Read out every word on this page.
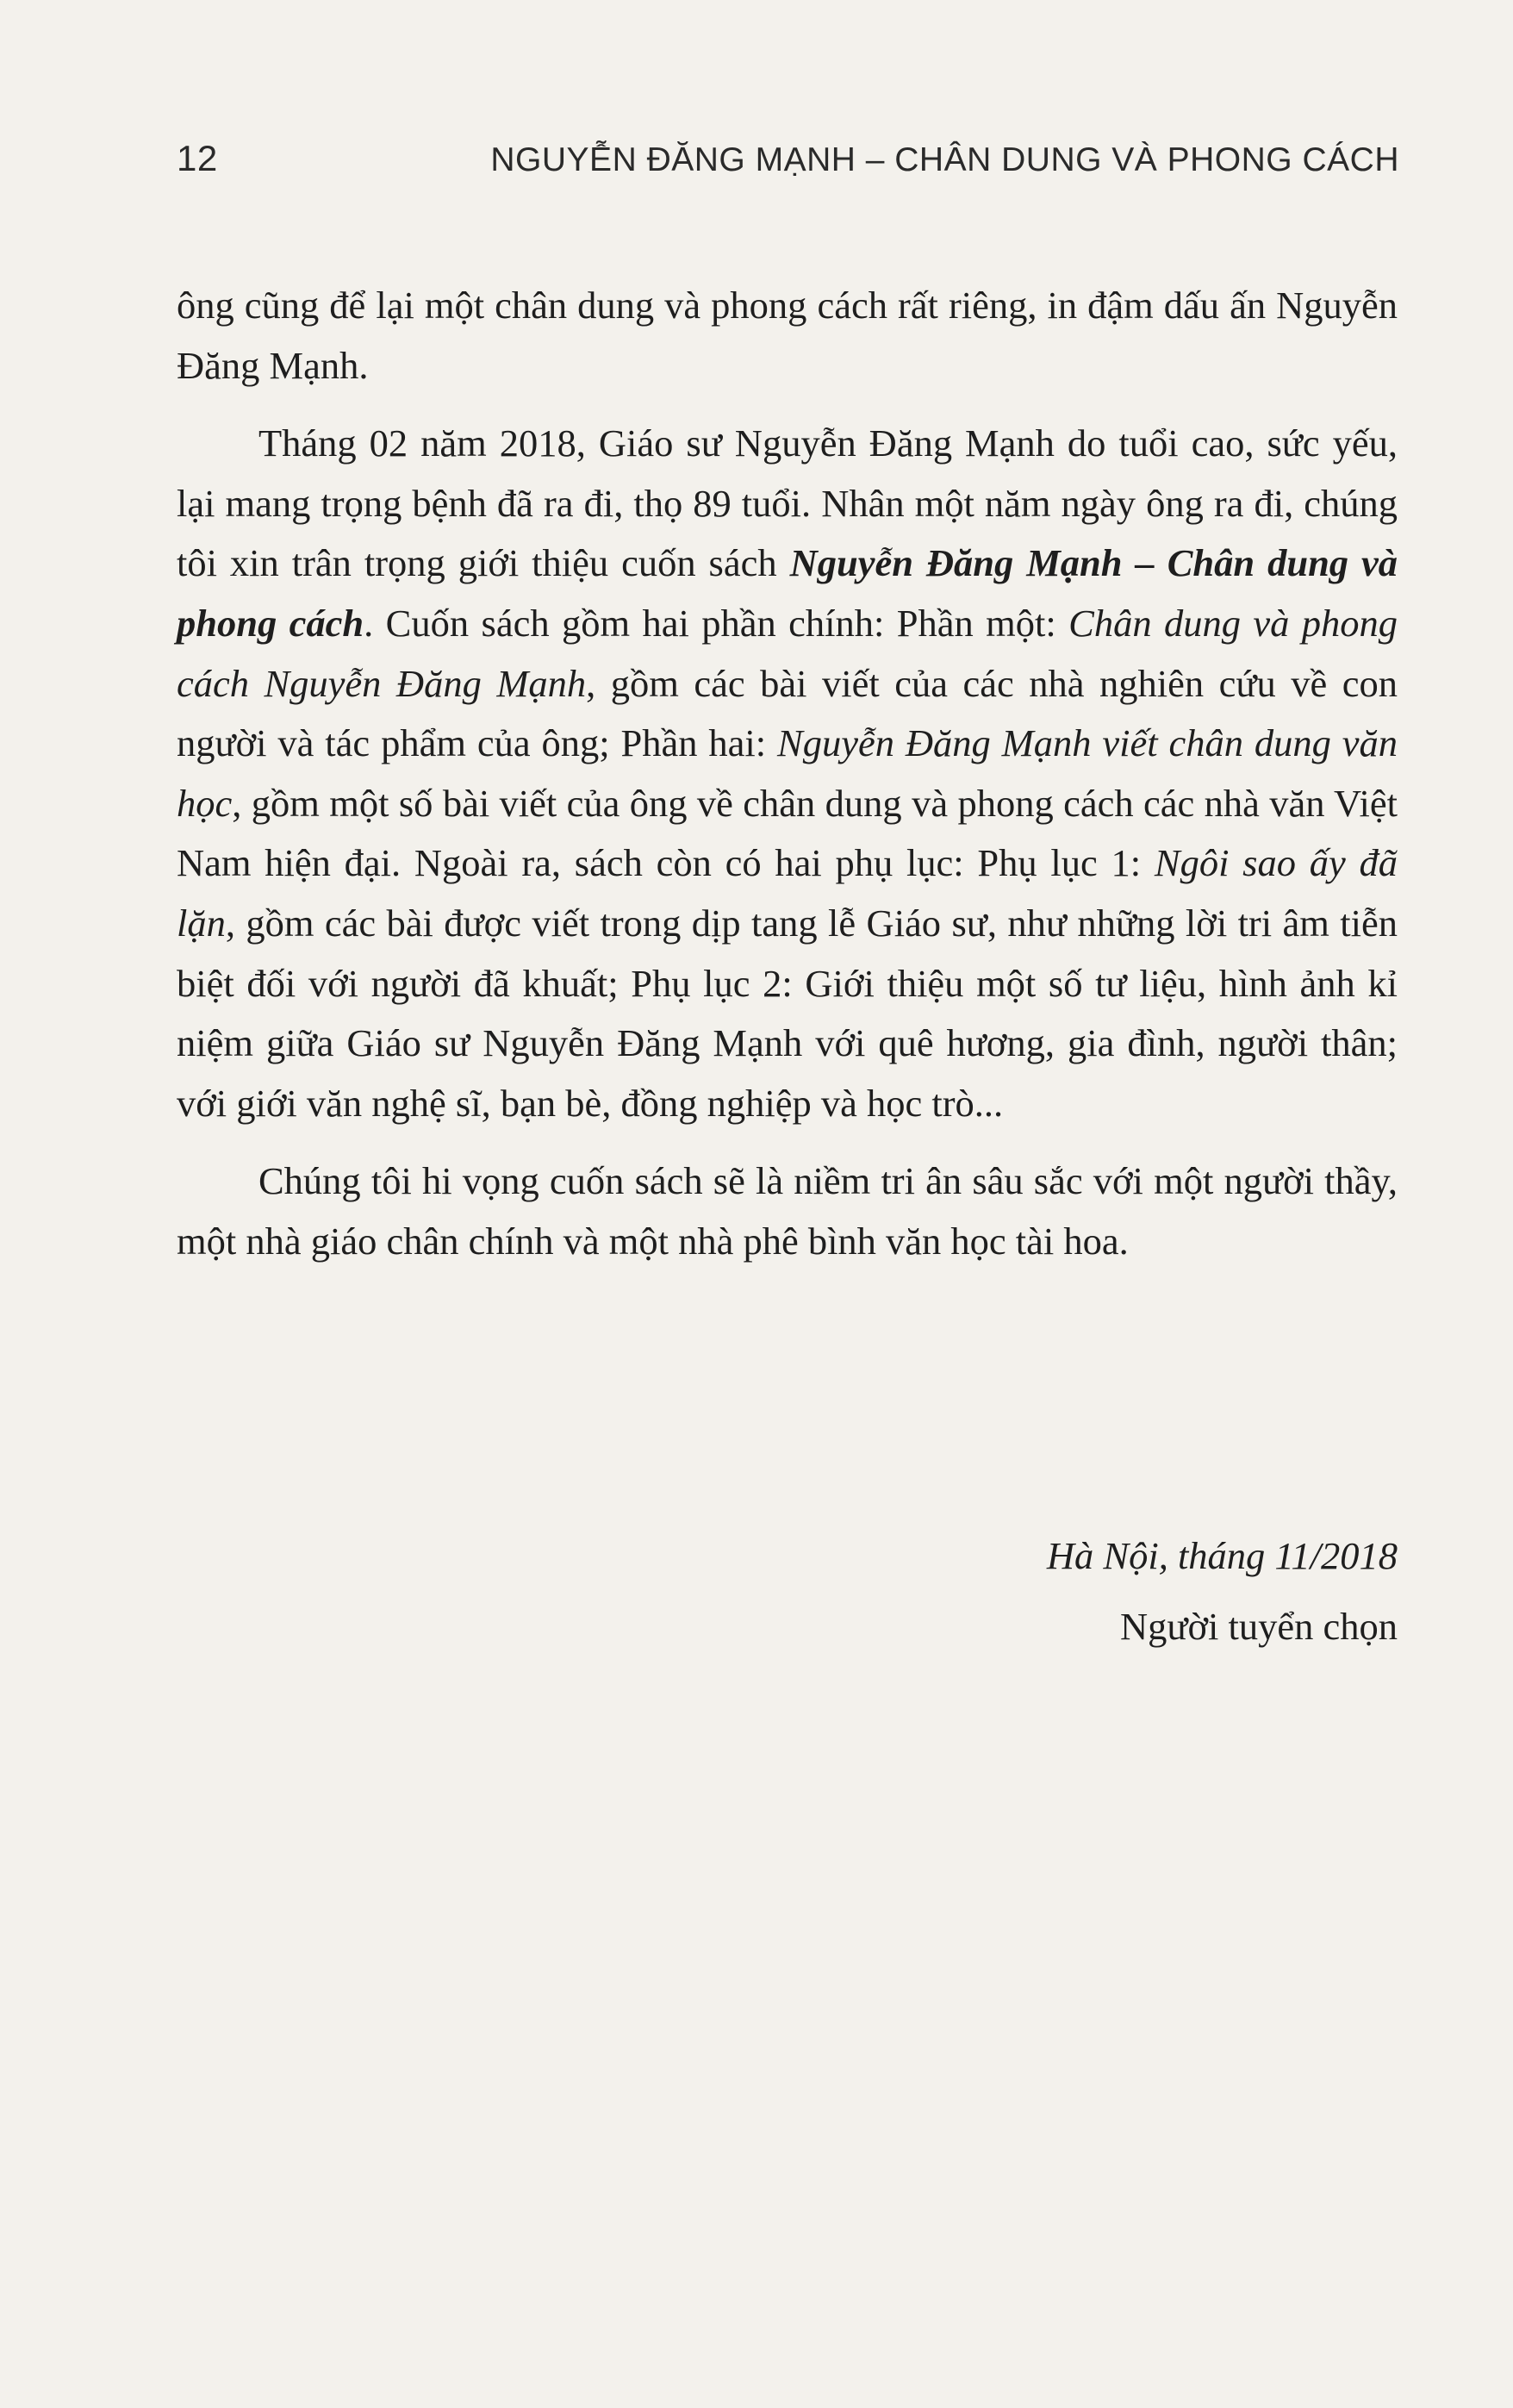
12	NGUYỄN ĐĂNG MẠNH – CHÂN DUNG VÀ PHONG CÁCH

ông cũng để lại một chân dung và phong cách rất riêng, in đậm dấu ấn Nguyễn Đăng Mạnh.

Tháng 02 năm 2018, Giáo sư Nguyễn Đăng Mạnh do tuổi cao, sức yếu, lại mang trọng bệnh đã ra đi, thọ 89 tuổi. Nhân một năm ngày ông ra đi, chúng tôi xin trân trọng giới thiệu cuốn sách Nguyễn Đăng Mạnh – Chân dung và phong cách. Cuốn sách gồm hai phần chính: Phần một: Chân dung và phong cách Nguyễn Đăng Mạnh, gồm các bài viết của các nhà nghiên cứu về con người và tác phẩm của ông; Phần hai: Nguyễn Đăng Mạnh viết chân dung văn học, gồm một số bài viết của ông về chân dung và phong cách các nhà văn Việt Nam hiện đại. Ngoài ra, sách còn có hai phụ lục: Phụ lục 1: Ngôi sao ấy đã lặn, gồm các bài được viết trong dịp tang lễ Giáo sư, như những lời tri âm tiễn biệt đối với người đã khuất; Phụ lục 2: Giới thiệu một số tư liệu, hình ảnh kỉ niệm giữa Giáo sư Nguyễn Đăng Mạnh với quê hương, gia đình, người thân; với giới văn nghệ sĩ, bạn bè, đồng nghiệp và học trò...

Chúng tôi hi vọng cuốn sách sẽ là niềm tri ân sâu sắc với một người thầy, một nhà giáo chân chính và một nhà phê bình văn học tài hoa.

Hà Nội, tháng 11/2018
Người tuyển chọn
